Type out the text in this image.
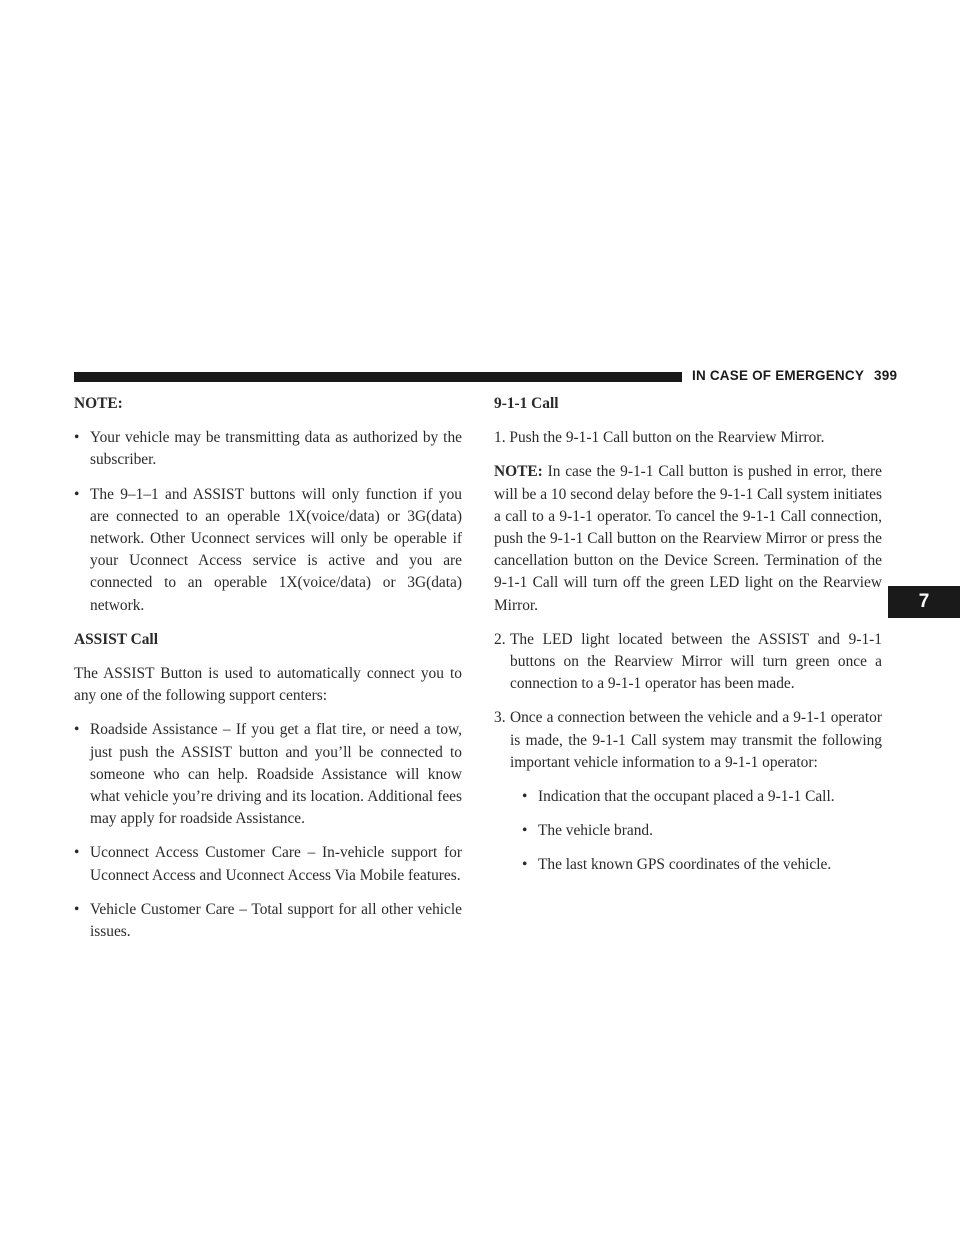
IN CASE OF EMERGENCY 399
7
NOTE:
• Your vehicle may be transmitting data as authorized by the subscriber.
• The 9–1–1 and ASSIST buttons will only function if you are connected to an operable 1X(voice/data) or 3G(data) network. Other Uconnect services will only be operable if your Uconnect Access service is active and you are connected to an operable 1X(voice/data) or 3G(data) network.
ASSIST Call

The ASSIST Button is used to automatically connect you to any one of the following support centers:

• Roadside Assistance – If you get a flat tire, or need a tow, just push the ASSIST button and you’ll be connected to someone who can help. Roadside Assistance will know what vehicle you’re driving and its location. Additional fees may apply for roadside Assistance.
• Uconnect Access Customer Care – In-vehicle support for Uconnect Access and Uconnect Access Via Mobile features.
• Vehicle Customer Care – Total support for all other vehicle issues.
9-1-1 Call

1. Push the 9-1-1 Call button on the Rearview Mirror.

NOTE: In case the 9-1-1 Call button is pushed in error, there will be a 10 second delay before the 9-1-1 Call system initiates a call to a 9-1-1 operator. To cancel the 9-1-1 Call connection, push the 9-1-1 Call button on the Rearview Mirror or press the cancellation button on the Device Screen. Termination of the 9-1-1 Call will turn off the green LED light on the Rearview Mirror.

2. The LED light located between the ASSIST and 9-1-1 buttons on the Rearview Mirror will turn green once a connection to a 9-1-1 operator has been made.
3. Once a connection between the vehicle and a 9-1-1 operator is made, the 9-1-1 Call system may transmit the following important vehicle information to a 9-1-1 operator:
• Indication that the occupant placed a 9-1-1 Call.
• The vehicle brand.
• The last known GPS coordinates of the vehicle.
